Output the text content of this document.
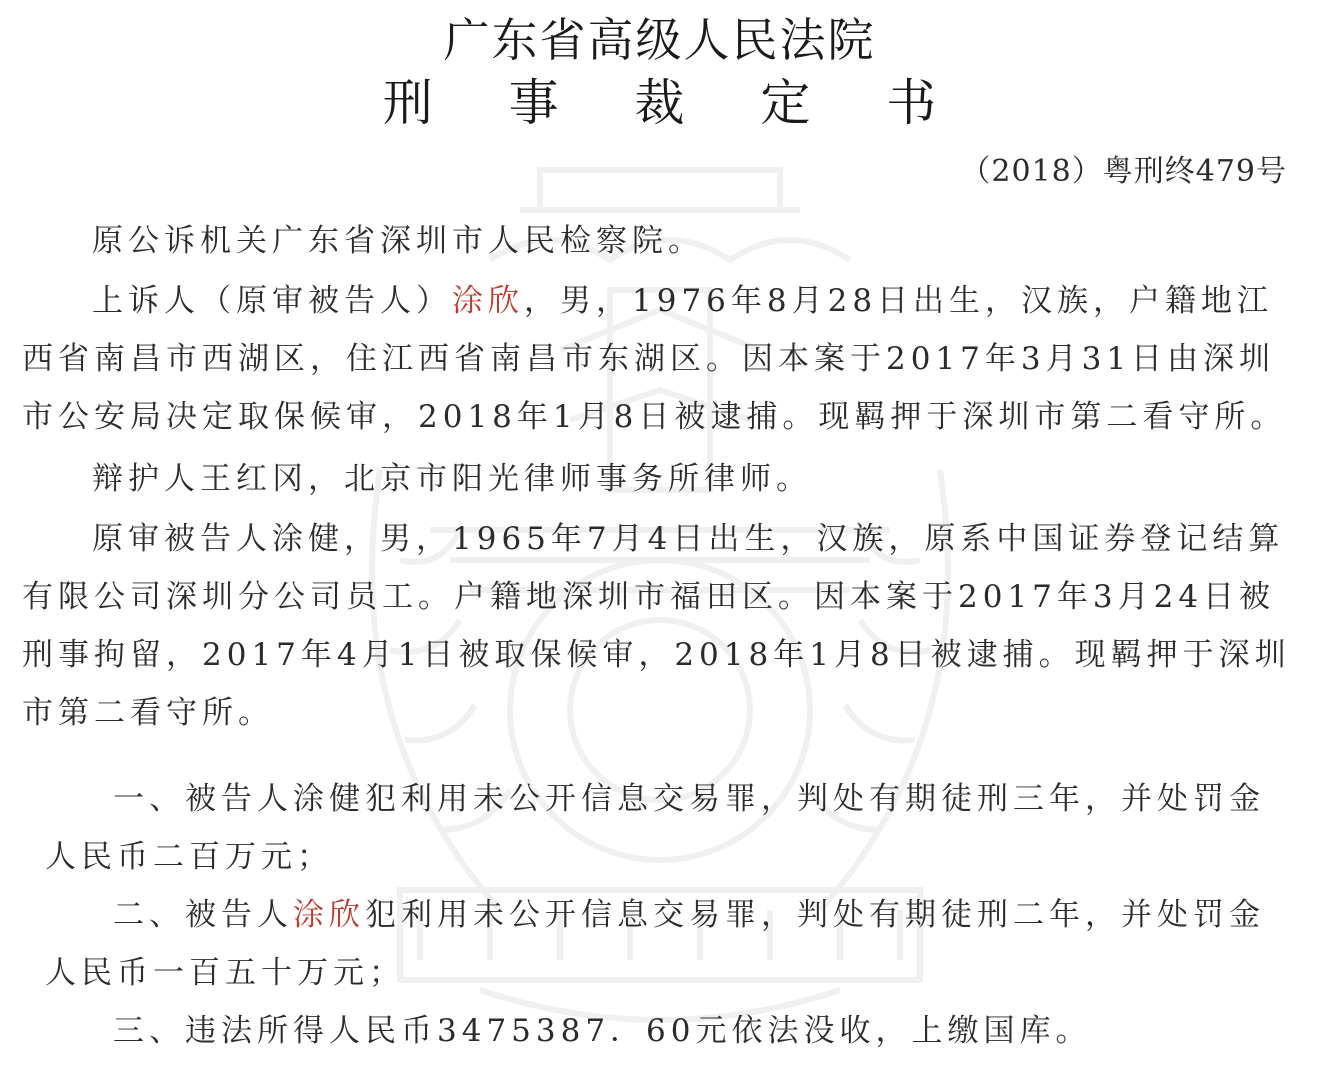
广东省高级人民法院
刑 事 裁 定 书
（2018）粤刑终479号

原公诉机关广东省深圳市人民检察院。

上诉人（原审被告人）涂欣，男，1976年8月28日出生，汉族，户籍地江西省南昌市西湖区，住江西省南昌市东湖区。因本案于2017年3月31日由深圳市公安局决定取保候审，2018年1月8日被逮捕。现羁押于深圳市第二看守所。

辩护人王红冈，北京市阳光律师事务所律师。

原审被告人涂健，男，1965年7月4日出生，汉族，原系中国证券登记结算有限公司深圳分公司员工。户籍地深圳市福田区。因本案于2017年3月24日被刑事拘留，2017年4月1日被取保候审，2018年1月8日被逮捕。现羁押于深圳市第二看守所。

一、被告人涂健犯利用未公开信息交易罪，判处有期徒刑三年，并处罚金人民币二百万元；

二、被告人涂欣犯利用未公开信息交易罪，判处有期徒刑二年，并处罚金人民币一百五十万元；

三、违法所得人民币3475387．60元依法没收，上缴国库。
